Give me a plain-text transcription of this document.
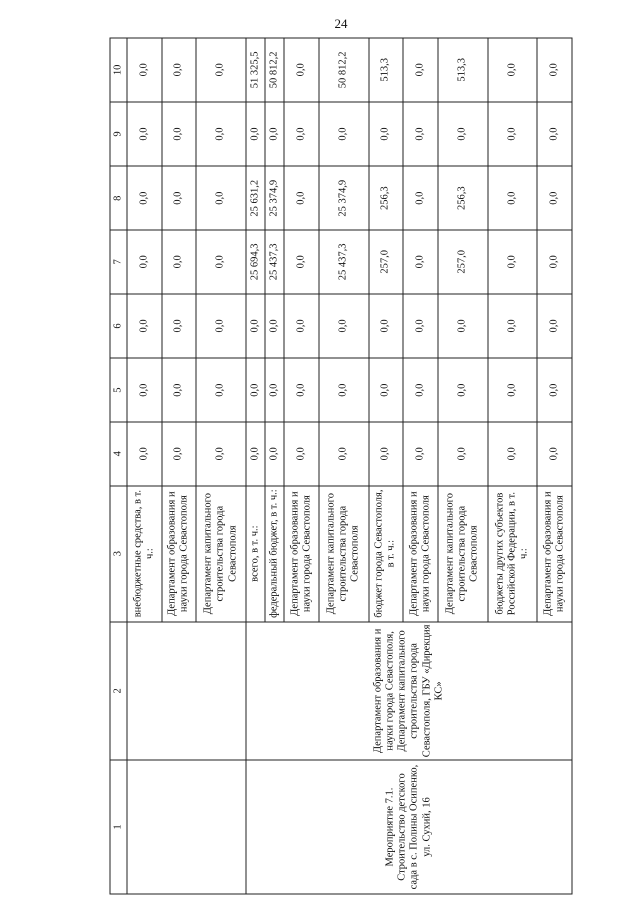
24
1	2	3	4	5	6	7	8	9	10
		внебюджетные средства, в т. ч.:	0,0	0,0	0,0	0,0	0,0	0,0	0,0
		Департамент образования и науки города Севастополя	0,0	0,0	0,0	0,0	0,0	0,0	0,0
		Департамент капитального строительства города Севастополя	0,0	0,0	0,0	0,0	0,0	0,0	0,0
Мероприятие 7.1. Строительство детского сада в с. Полины Осипенко, ул. Сухий, 16	Департамент образования и науки города Севастополя, Департамент капитального строительства города Севастополя, ГБУ «Дирекция КС»	всего, в т. ч.:	0,0	0,0	0,0	25 694,3	25 631,2	0,0	51 325,5
		федеральный бюджет, в т. ч.:	0,0	0,0	0,0	25 437,3	25 374,9	0,0	50 812,2
		Департамент образования и науки города Севастополя	0,0	0,0	0,0	0,0	0,0	0,0	0,0
		Департамент капитального строительства города Севастополя	0,0	0,0	0,0	25 437,3	25 374,9	0,0	50 812,2
		бюджет города Севастополя, в т. ч.:	0,0	0,0	0,0	257,0	256,3	0,0	513,3
		Департамент образования и науки города Севастополя	0,0	0,0	0,0	0,0	0,0	0,0	0,0
		Департамент капитального строительства города Севастополя	0,0	0,0	0,0	257,0	256,3	0,0	513,3
		бюджеты других субъектов Российской Федерации, в т. ч.:	0,0	0,0	0,0	0,0	0,0	0,0	0,0
		Департамент образования и науки города Севастополя	0,0	0,0	0,0	0,0	0,0	0,0	0,0
